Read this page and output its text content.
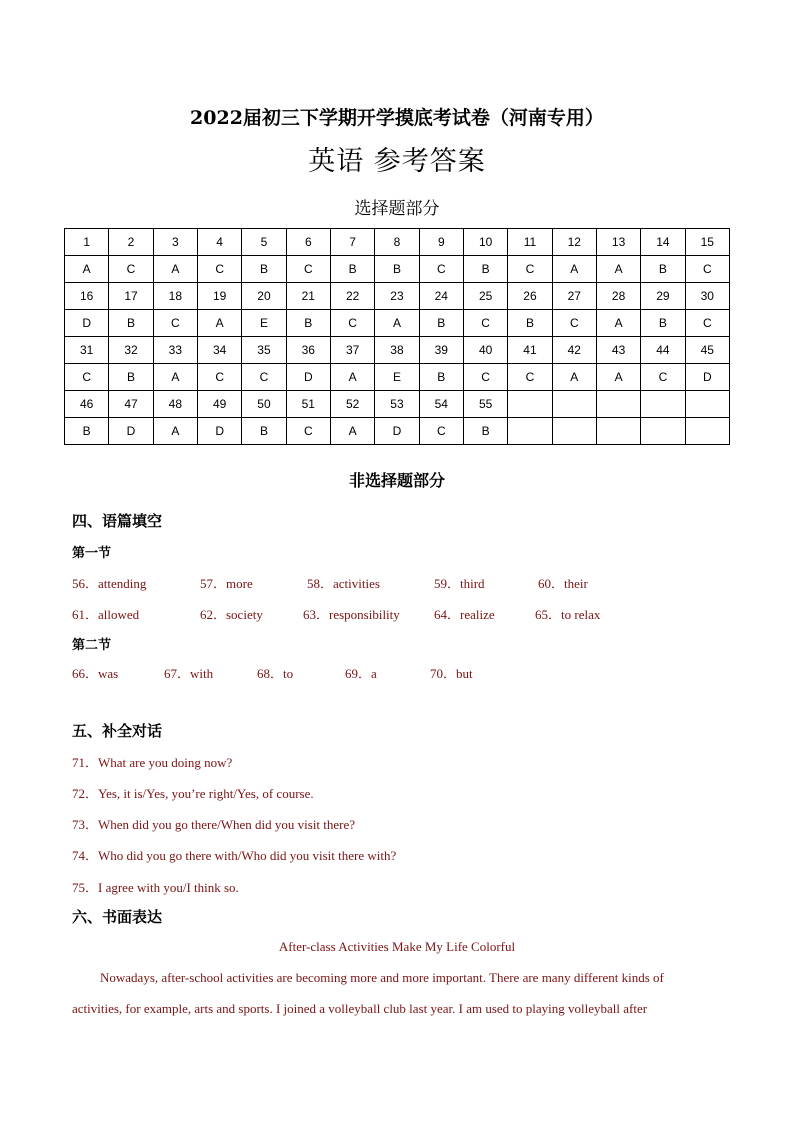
2022届初三下学期开学摸底考试卷（河南专用）
英语 参考答案
选择题部分
1	2	3	4	5	6	7	8	9	10	11	12	13	14	15
A	C	A	C	B	C	B	B	C	B	C	A	A	B	C
16	17	18	19	20	21	22	23	24	25	26	27	28	29	30
D	B	C	A	E	B	C	A	B	C	B	C	A	B	C
31	32	33	34	35	36	37	38	39	40	41	42	43	44	45
C	B	A	C	C	D	A	E	B	C	C	A	A	C	D
46	47	48	49	50	51	52	53	54	55					
B	D	A	D	B	C	A	D	C	B					
非选择题部分
四、语篇填空
第一节
56．attending	57．more	58．activities	59．third	60．their
61．allowed	62．society	63．responsibility	64．realize	65．to relax
第二节
66．was	67．with	68．to	69．a	70．but
五、补全对话
71．What are you doing now?
72．Yes, it is/Yes, you’re right/Yes, of course.
73．When did you go there/When did you visit there?
74．Who did you go there with/Who did you visit there with?
75．I agree with you/I think so.
六、书面表达
After-class Activities Make My Life Colorful
Nowadays, after-school activities are becoming more and more important. There are many different kinds of
activities, for example, arts and sports. I joined a volleyball club last year. I am used to playing volleyball after
